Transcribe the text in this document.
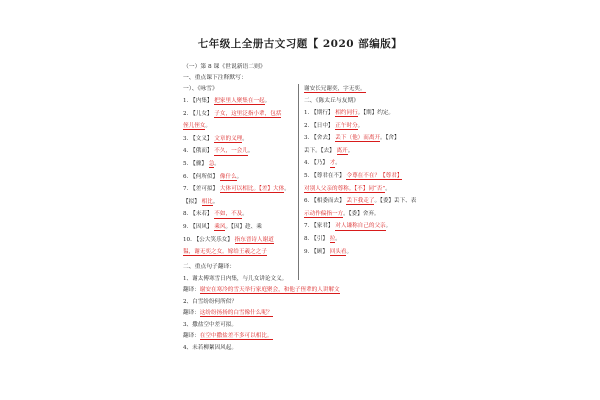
七年级上全册古文习题【 2020 部编版】
（一）第 8 课《世说新语二则》
一、重点课下注释默写：
一）、《咏雪》
1. 【内集】 把家里人聚集在一起。
2. 【儿女】 子女，这里泛指小辈，包括
侄儿侄女。
3. 【文义】 文章的义理。
4. 【俄而】 不久，一会儿。
5. 【骤】 急。
6. 【何所似】 像什么。
7. 【差可拟】 大体可以相比。【差】大体。
【拟】 相比。
8. 【未若】 不如，不及。
9. 【因风】 乘风。【因】趁、乘
10. 【公大笑乐女】 指东晋诗人谢道
韫，谢无奕之女。嫁给王羲之之子
谢安长兄谢奕，字无奕。
二、《陈太丘与友期》
1. 【期行】 相约同行。【期】约定。
2. 【日中】 正午时分。
3. 【舍去】 丢下（他）而离开。【舍】
丢下。【去】 离开。
4. 【乃】 才。
5. 【尊君在不】 令尊在不在？【尊君】
对别人父亲的尊称。【不】同“否”。
6. 【相委而去】 丢下我走了。【委】丢下、表
示动作偏指一方。【委】舍弃。
7. 【家君】 对人谦称自己的父亲。
8. 【引】 拉。
9. 【顾】 回头看。
二、重点句子翻译：
1、谢太傅寒雪日内集，与儿女讲论文义。
翻译：谢安在寒冷的雪天举行家庭聚会，和他子侄辈的人讲解文
2、白雪纷纷何所似？
翻译：这纷纷扬扬的白雪像什么呢？
3、撒盐空中差可拟。
翻译：在空中撒盐差不多可以相比。
4、未若柳絮因风起。
